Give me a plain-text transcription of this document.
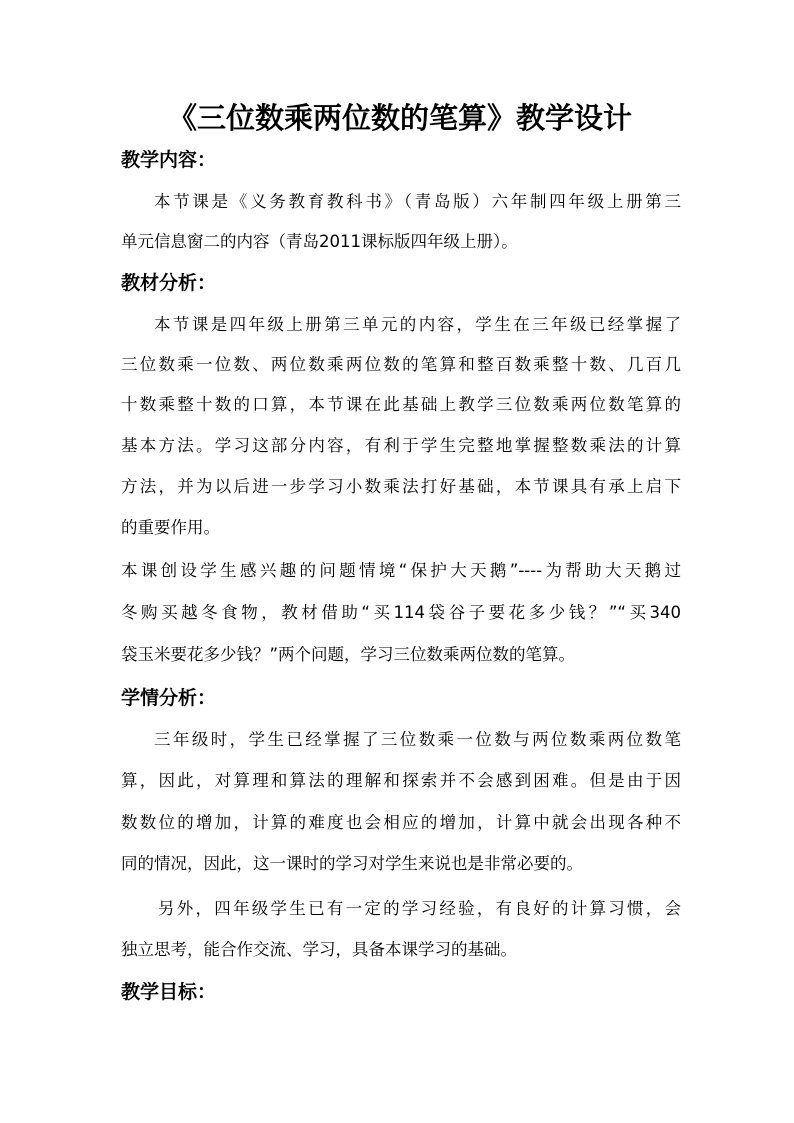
《三位数乘两位数的笔算》教学设计
教学内容：
本节课是《义务教育教科书》（青岛版）六年制四年级上册第三
单元信息窗二的内容（青岛2011课标版四年级上册）。
教材分析：
本节课是四年级上册第三单元的内容，学生在三年级已经掌握了
三位数乘一位数、两位数乘两位数的笔算和整百数乘整十数、几百几
十数乘整十数的口算，本节课在此基础上教学三位数乘两位数笔算的
基本方法。学习这部分内容，有利于学生完整地掌握整数乘法的计算
方法，并为以后进一步学习小数乘法打好基础，本节课具有承上启下
的重要作用。
本课创设学生感兴趣的问题情境“保护大天鹅”----为帮助大天鹅过
冬购买越冬食物，教材借助“买114袋谷子要花多少钱？”“买340
袋玉米要花多少钱？”两个问题，学习三位数乘两位数的笔算。
学情分析：
三年级时，学生已经掌握了三位数乘一位数与两位数乘两位数笔
算，因此，对算理和算法的理解和探索并不会感到困难。但是由于因
数数位的增加，计算的难度也会相应的增加，计算中就会出现各种不
同的情况，因此，这一课时的学习对学生来说也是非常必要的。
另外，四年级学生已有一定的学习经验，有良好的计算习惯，会
独立思考，能合作交流、学习，具备本课学习的基础。
教学目标：
